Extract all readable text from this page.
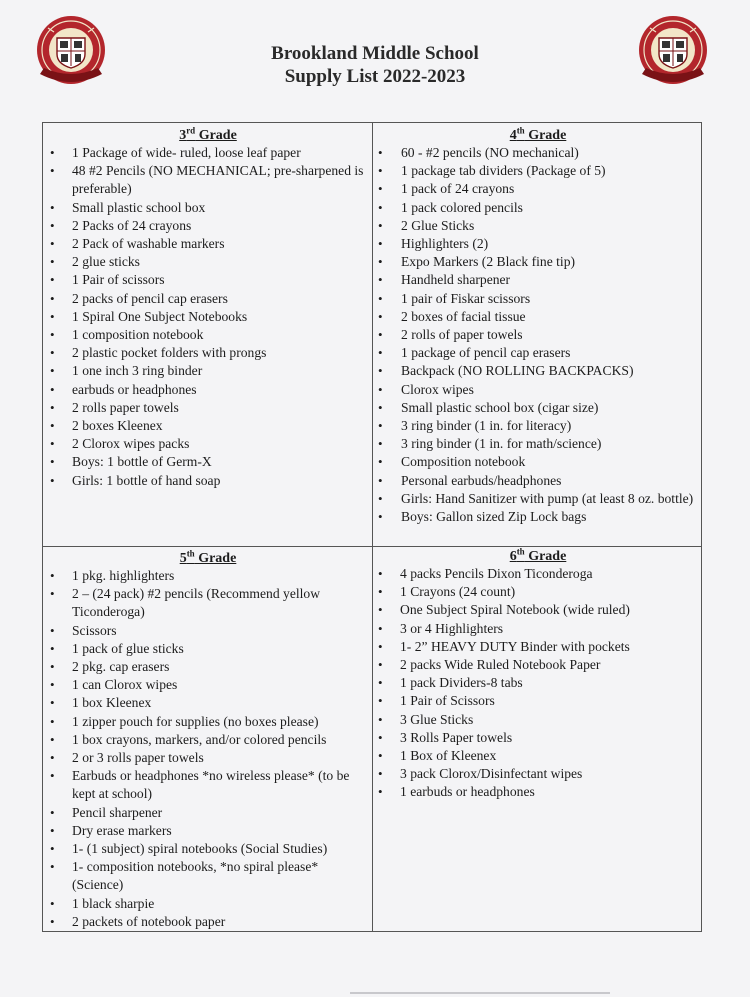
Brookland Middle School
Supply List 2022-2023
3rd Grade
• 1 Package of wide- ruled, loose leaf paper
• 48 #2 Pencils (NO MECHANICAL; pre-sharpened is preferable)
• Small plastic school box
• 2 Packs of 24 crayons
• 2 Pack of washable markers
• 2 glue sticks
• 1 Pair of scissors
• 2 packs of pencil cap erasers
• 1 Spiral One Subject Notebooks
• 1 composition notebook
• 2 plastic pocket folders with prongs
• 1 one inch 3 ring binder
• earbuds or headphones
• 2 rolls paper towels
• 2 boxes Kleenex
• 2 Clorox wipes packs
• Boys: 1 bottle of Germ-X
• Girls: 1 bottle of hand soap
4th Grade
• 60 - #2 pencils (NO mechanical)
• 1 package tab dividers (Package of 5)
• 1 pack of 24 crayons
• 1 pack colored pencils
• 2 Glue Sticks
• Highlighters (2)
• Expo Markers (2 Black fine tip)
• Handheld sharpener
• 1 pair of Fiskar scissors
• 2 boxes of facial tissue
• 2 rolls of paper towels
• 1 package of pencil cap erasers
• Backpack (NO ROLLING BACKPACKS)
• Clorox wipes
• Small plastic school box (cigar size)
• 3 ring binder (1 in. for literacy)
• 3 ring binder (1 in. for math/science)
• Composition notebook
• Personal earbuds/headphones
• Girls: Hand Sanitizer with pump (at least 8 oz. bottle)
• Boys: Gallon sized Zip Lock bags
5th Grade
• 1 pkg. highlighters
• 2 – (24 pack) #2 pencils (Recommend yellow Ticonderoga)
• Scissors
• 1 pack of glue sticks
• 2 pkg. cap erasers
• 1 can Clorox wipes
• 1 box Kleenex
• 1 zipper pouch for supplies (no boxes please)
• 1 box crayons, markers, and/or colored pencils
• 2 or 3 rolls paper towels
• Earbuds or headphones *no wireless please* (to be kept at school)
• Pencil sharpener
• Dry erase markers
• 1- (1 subject) spiral notebooks (Social Studies)
• 1- composition notebooks, *no spiral please* (Science)
• 1 black sharpie
• 2 packets of notebook paper
6th Grade
• 4 packs Pencils Dixon Ticonderoga
• 1 Crayons (24 count)
• One Subject Spiral Notebook (wide ruled)
• 3 or 4 Highlighters
• 1- 2” HEAVY DUTY Binder with pockets
• 2 packs Wide Ruled Notebook Paper
• 1 pack Dividers-8 tabs
• 1 Pair of Scissors
• 3 Glue Sticks
• 3 Rolls Paper towels
• 1 Box of Kleenex
• 3 pack Clorox/Disinfectant wipes
• 1 earbuds or headphones
